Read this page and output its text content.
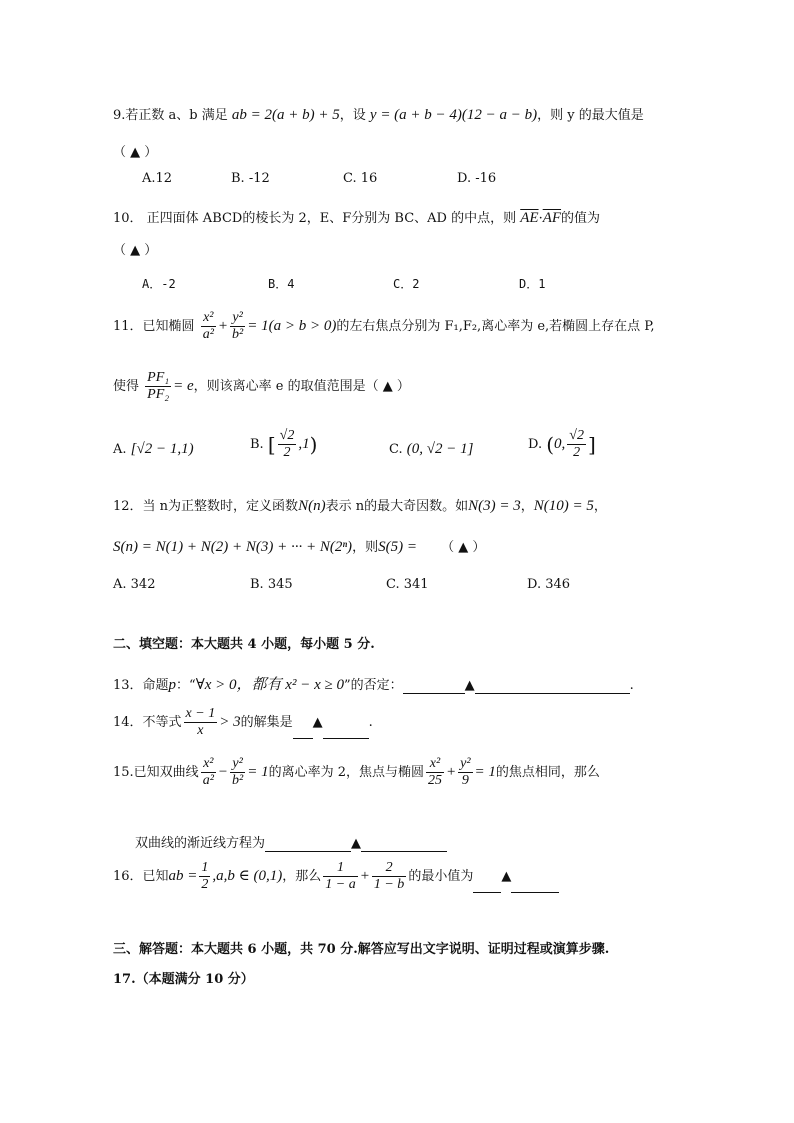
9.若正数 a、b 满足 ab = 2(a + b) + 5，设 y = (a + b − 4)(12 − a − b)，则 y 的最大值是
（ ▲ ）
A.12	B. -12	C. 16	D. -16
10． 正四面体 ABCD的棱长为 2，E、F分别为 BC、AD 的中点，则 $\overline{AE}\cdot\overline{AF}$的值为
（ ▲ ）
A．-2	B．4	C．2	D．1
11．已知椭圆 $\frac{\text{x²}}{\text{a²}} + \frac{\text{y²}}{\text{b²}} = 1(a > b > 0)$的左右焦点分别为 F₁,F₂,离心率为 e,若椭圆上存在点 P,
使得 $\frac{\text{PF₁}}{\text{PF₂}} = e$，则该离心率 e 的取值范围是（ ▲ ）
A. [√2 − 1,1)	B. [ $\frac{√2}{2} ,1$)	C. (0, √2 − 1]	D. (0, $\frac{√2}{2}$ ]
12．当 n为正整数时，定义函数N(n)表示 n的最大奇因数。如N(3) = 3，N(10) = 5，
S(n) = N(1) + N(2) + N(3) + ··· + N(2ⁿ)，则S(5) = （ ▲ ）
A. 342	B. 345	C. 341	D. 346
二、填空题：本大题共 4 小题，每小题 5 分.
13．命题p：“∀x > 0，都有 x² − x ≥ 0”的否定：	▲	.
14．不等式 $\frac{x - 1}{x} > 3$的解集是 ▲	.
15.已知双曲线 $\frac{\text{x²}}{\text{a²}} - \frac{\text{y²}}{\text{b²}} = 1$的离心率为 2，焦点与椭圆 $\frac{\text{x²}}{25} + \frac{\text{y²}}{9} = 1$的焦点相同，那么
双曲线的渐近线方程为	▲
16．已知ab = $\frac{1}{2} ,a,b$ ∈ (0,1)，那么 $\frac{1}{1 - a} + \frac{2}{1 - b}$ 的最小值为 ▲
三、解答题：本大题共 6 小题，共 70 分.解答应写出文字说明、证明过程或演算步骤.
17.（本题满分 10 分）
